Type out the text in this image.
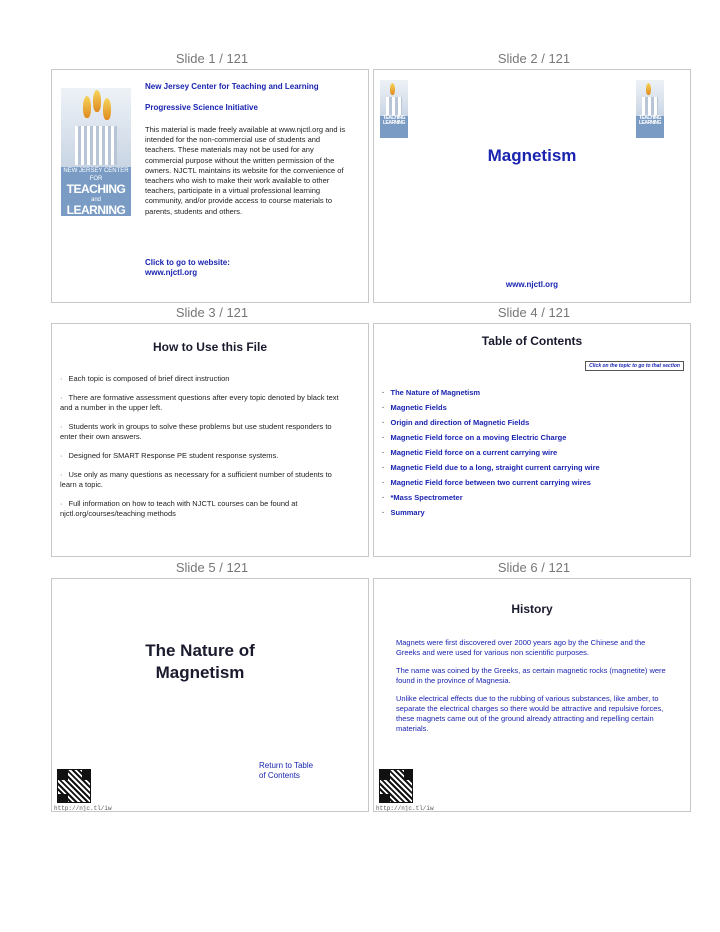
Slide 1 / 121	Slide 2 / 121
Slide 3 / 121	Slide 4 / 121
Slide 5 / 121	Slide 6 / 121
NEW JERSEY CENTER FOR
TEACHING
and
LEARNING
New Jersey Center for Teaching and Learning
Progressive Science Initiative
This material is made freely available at www.njctl.org and is intended for the non-commercial use of students and teachers. These materials may not be used for any commercial purpose without the written permission of the owners. NJCTL maintains its website for the convenience of teachers who wish to make their work available to other teachers, participate in a virtual professional learning community, and/or provide access to course materials to parents, students and others.
Click to go to website:
www.njctl.org
TEACHING
LEARNING
TEACHING
LEARNING
Magnetism
www.njctl.org
How to Use this File
· Each topic is composed of brief direct instruction
· There are formative assessment questions after every topic denoted by black text and a number in the upper left.
· Students work in groups to solve these problems but use student responders to enter their own answers.
· Designed for SMART Response PE student response systems.
· Use only as many questions as necessary for a sufficient number of students to learn a topic.
· Full information on how to teach with NJCTL courses can be found at njctl.org/courses/teaching methods
Table of Contents
Click on the topic to go to that section
· The Nature of Magnetism
· Magnetic Fields
· Origin and direction of Magnetic Fields
· Magnetic Field force on a moving Electric Charge
· Magnetic Field force on a current carrying wire
· Magnetic Field due to a long, straight current carrying wire
· Magnetic Field force between two current carrying wires
· *Mass Spectrometer
· Summary
The Nature of
Magnetism
Return to Table
of Contents
http://njc.tl/iw
History
Magnets were first discovered over 2000 years ago by the Chinese and the Greeks and were used for various non scientific purposes.
The name was coined by the Greeks, as certain magnetic rocks (magnetite) were found in the province of Magnesia.
Unlike electrical effects due to the rubbing of various substances, like amber, to separate the electrical charges so there would be attractive and repulsive forces, these magnets came out of the ground already attracting and repelling certain materials.
http://njc.tl/iw
